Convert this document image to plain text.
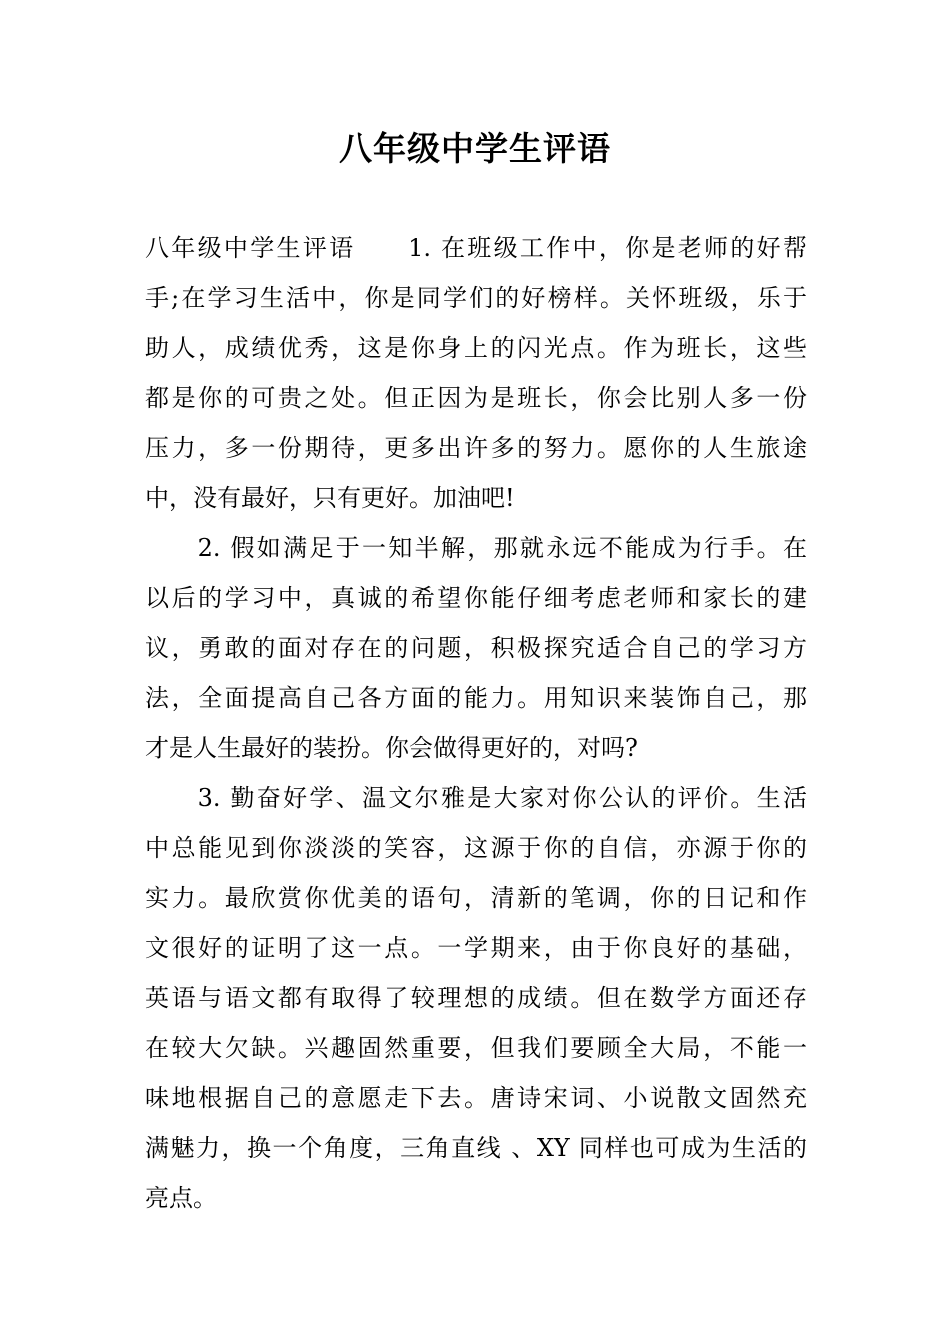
八年级中学生评语

八年级中学生评语　　1. 在班级工作中，你是老师的好帮

手;在学习生活中，你是同学们的好榜样。关怀班级，乐于

助人，成绩优秀，这是你身上的闪光点。作为班长，这些

都是你的可贵之处。但正因为是班长，你会比别人多一份

压力，多一份期待，更多出许多的努力。愿你的人生旅途

中，没有最好，只有更好。加油吧!

　　2. 假如满足于一知半解，那就永远不能成为行手。在

以后的学习中，真诚的希望你能仔细考虑老师和家长的建

议，勇敢的面对存在的问题，积极探究适合自己的学习方

法，全面提高自己各方面的能力。用知识来装饰自己，那

才是人生最好的装扮。你会做得更好的，对吗?

　　3. 勤奋好学、温文尔雅是大家对你公认的评价。生活

中总能见到你淡淡的笑容，这源于你的自信，亦源于你的

实力。最欣赏你优美的语句，清新的笔调，你的日记和作

文很好的证明了这一点。一学期来，由于你良好的基础，

英语与语文都有取得了较理想的成绩。但在数学方面还存

在较大欠缺。兴趣固然重要，但我们要顾全大局，不能一

味地根据自己的意愿走下去。唐诗宋词、小说散文固然充

满魅力，换一个角度，三角直线 、XY 同样也可成为生活的

亮点。
